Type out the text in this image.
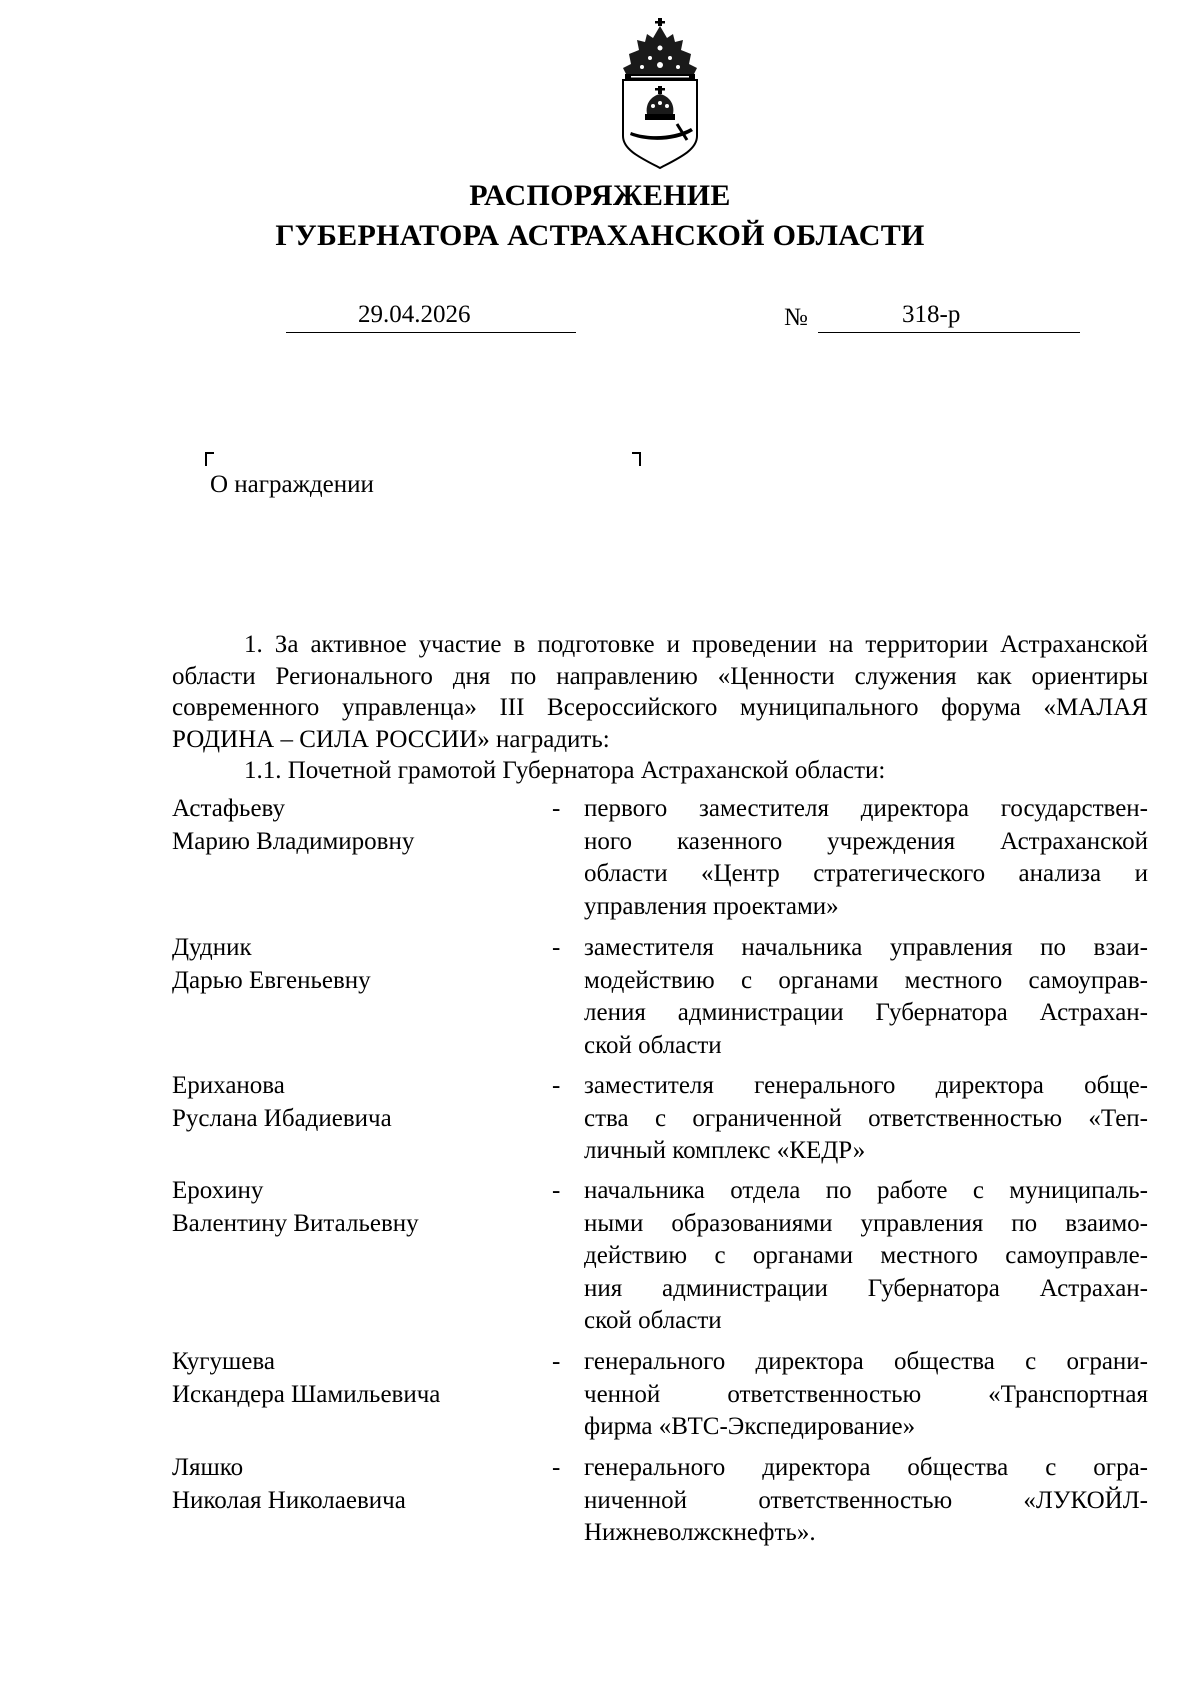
РАСПОРЯЖЕНИЕ
ГУБЕРНАТОРА АСТРАХАНСКОЙ ОБЛАСТИ
29.04.2026	№	318-р
О награждении

1. За активное участие в подготовке и проведении на территории Астраханской области Регионального дня по направлению «Ценности служения как ориентиры современного управленца» III Всероссийского муниципального форума «МАЛАЯ РОДИНА – СИЛА РОССИИ» наградить:

1.1. Почетной грамотой Губернатора Астраханской области:

Астафьеву
Марию Владимировну
- первого заместителя директора государствен-
ного казенного учреждения Астраханской
области «Центр стратегического анализа и
управления проектами»
Дудник
Дарью Евгеньевну
- заместителя начальника управления по взаи-
модействию с органами местного самоуправ-
ления администрации Губернатора Астрахан-
ской области
Ериханова
Руслана Ибадиевича
- заместителя генерального директора обще-
ства с ограниченной ответственностью «Теп-
личный комплекс «КЕДР»
Ерохину
Валентину Витальевну
- начальника отдела по работе с муниципаль-
ными образованиями управления по взаимо-
действию с органами местного самоуправле-
ния администрации Губернатора Астрахан-
ской области
Кугушева
Искандера Шамильевича
- генерального директора общества с ограни-
ченной ответственностью «Транспортная
фирма «ВТС-Экспедирование»
Ляшко
Николая Николаевича
- генерального директора общества с огра-
ниченной ответственностью «ЛУКОЙЛ-
Нижневолжскнефть».
